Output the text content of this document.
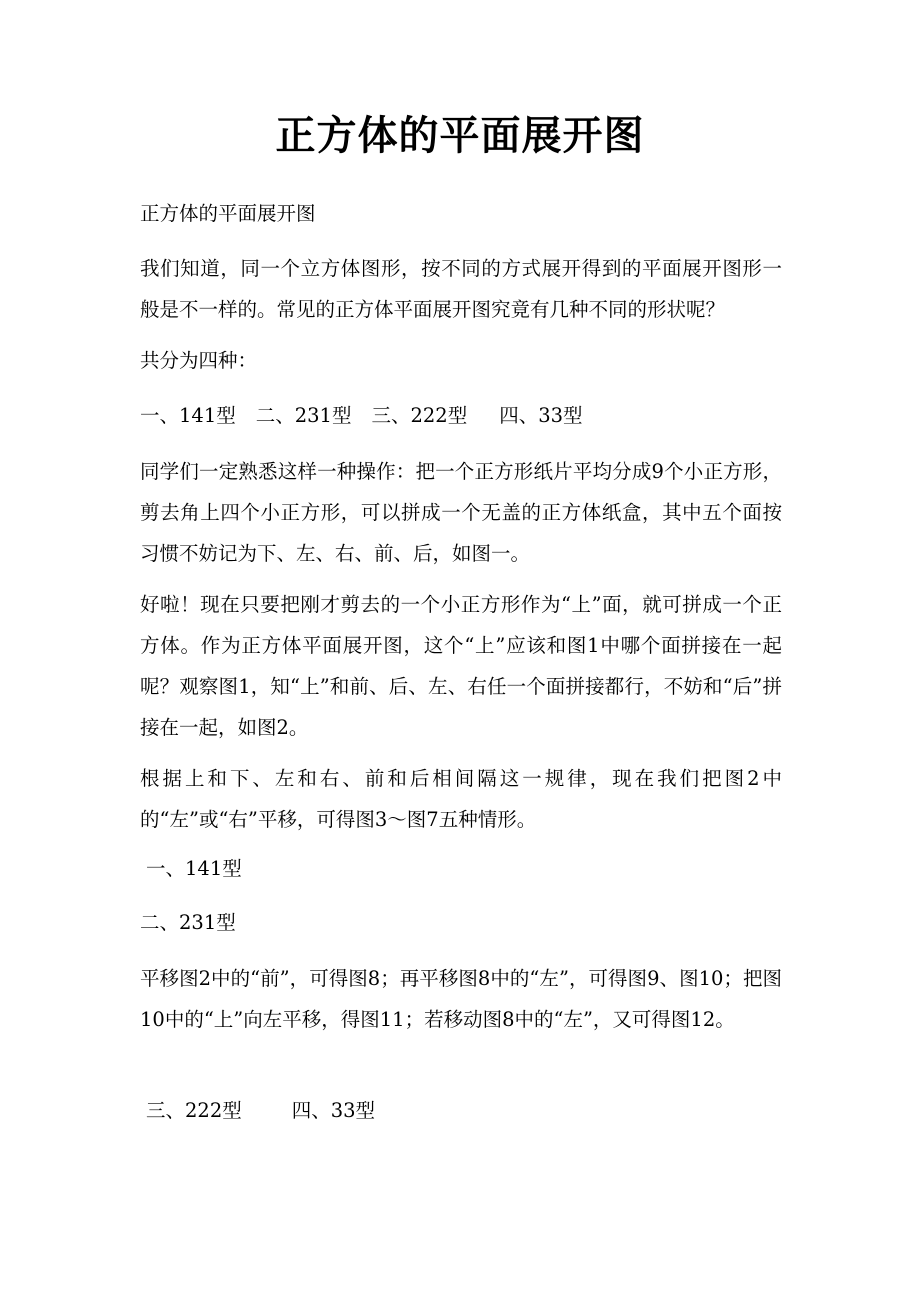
正方体的平面展开图

正方体的平面展开图

我们知道，同一个立方体图形，按不同的方式展开得到的平面展开图形一般是不一样的。常见的正方体平面展开图究竟有几种不同的形状呢？

共分为四种：

一、141型 二、231型 三、222型 四、33型

同学们一定熟悉这样一种操作：把一个正方形纸片平均分成9个小正方形，剪去角上四个小正方形，可以拼成一个无盖的正方体纸盒，其中五个面按习惯不妨记为下、左、右、前、后，如图一。

好啦！现在只要把刚才剪去的一个小正方形作为“上”面，就可拼成一个正方体。作为正方体平面展开图，这个“上”应该和图1中哪个面拼接在一起呢？观察图1，知“上”和前、后、左、右任一个面拼接都行，不妨和“后”拼接在一起，如图2。

根据上和下、左和右、前和后相间隔这一规律，现在我们把图2中的“左”或“右”平移，可得图3～图7五种情形。

一、141型

二、231型

平移图2中的“前”，可得图8；再平移图8中的“左”，可得图9、图10；把图10中的“上”向左平移，得图11；若移动图8中的“左”，又可得图12。

三、222型	四、33型
